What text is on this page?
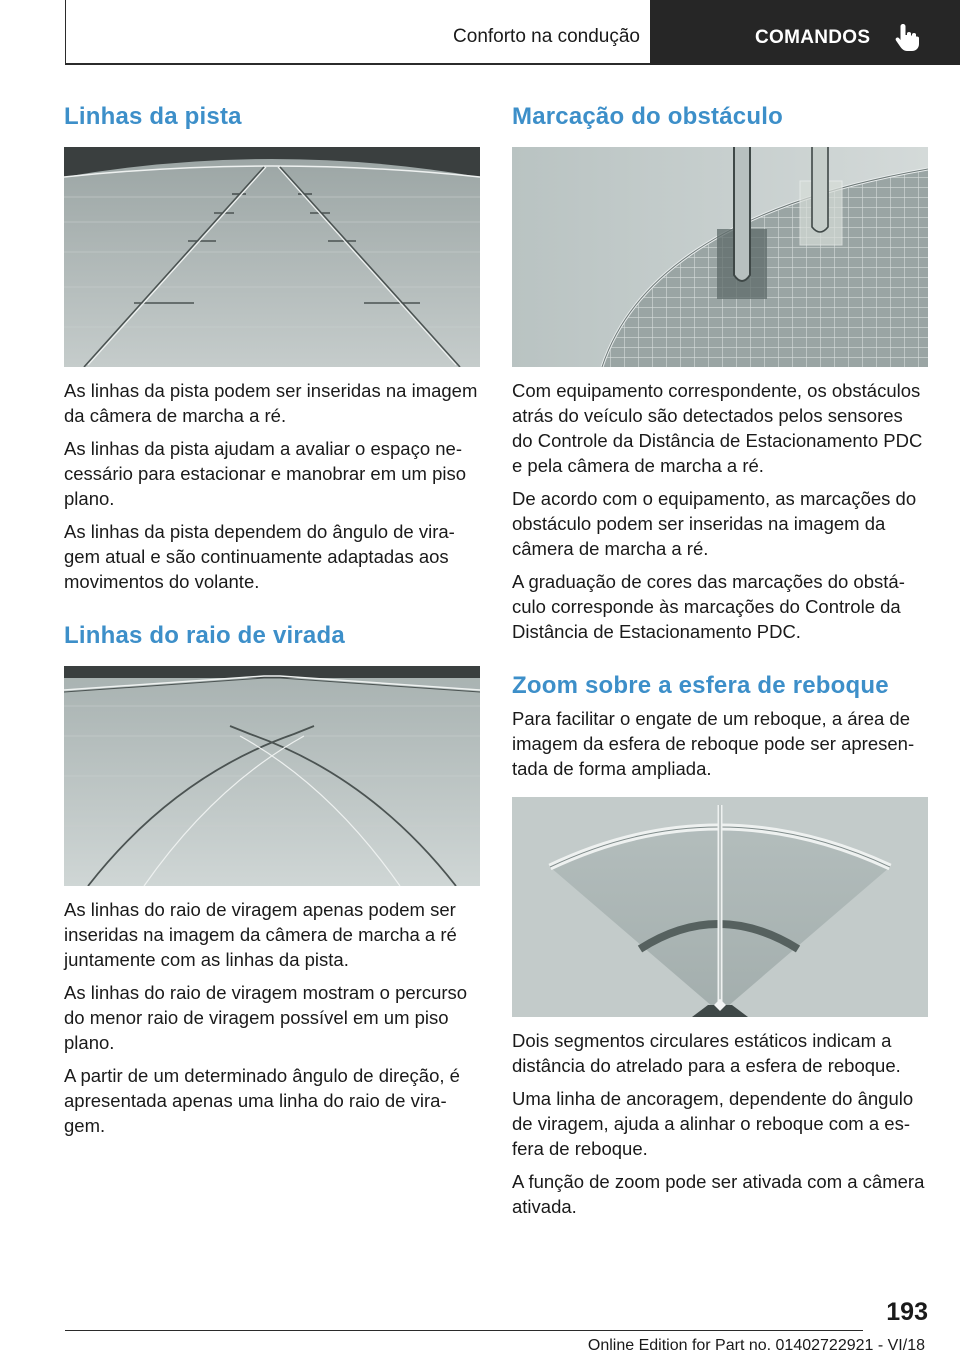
Conforto na condução	COMANDOS
Linhas da pista

As linhas da pista podem ser inseridas na imagem da câmera de marcha a ré.

As linhas da pista ajudam a avaliar o espaço necessário para estacionar e manobrar em um piso plano.

As linhas da pista dependem do ângulo de viragem atual e são continuamente adaptadas aos movimentos do volante.

Linhas do raio de virada

As linhas do raio de viragem apenas podem ser inseridas na imagem da câmera de marcha a ré juntamente com as linhas da pista.

As linhas do raio de viragem mostram o percurso do menor raio de viragem possível em um piso plano.

A partir de um determinado ângulo de direção, é apresentada apenas uma linha do raio de viragem.

Marcação do obstáculo

Com equipamento correspondente, os obstáculos atrás do veículo são detectados pelos sensores do Controle da Distância de Estacionamento PDC e pela câmera de marcha a ré.

De acordo com o equipamento, as marcações do obstáculo podem ser inseridas na imagem da câmera de marcha a ré.

A graduação de cores das marcações do obstáculo corresponde às marcações do Controle da Distância de Estacionamento PDC.

Zoom sobre a esfera de reboque

Para facilitar o engate de um reboque, a área de imagem da esfera de reboque pode ser apresentada de forma ampliada.

Dois segmentos circulares estáticos indicam a distância do atrelado para a esfera de reboque.

Uma linha de ancoragem, dependente do ângulo de viragem, ajuda a alinhar o reboque com a esfera de reboque.

A função de zoom pode ser ativada com a câmera ativada.

193
Online Edition for Part no. 01402722921 - VI/18
